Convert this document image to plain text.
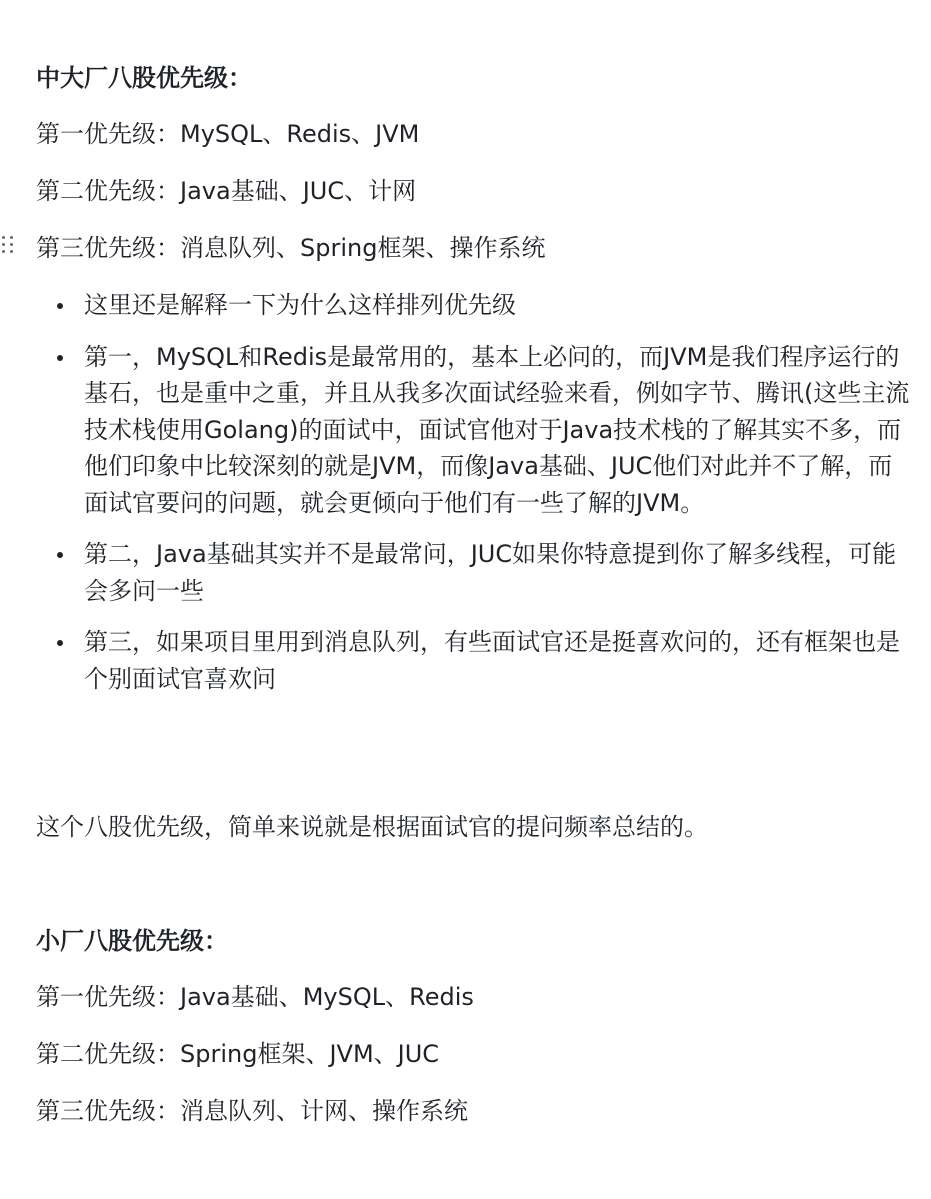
中大厂八股优先级：
第一优先级：MySQL、Redis、JVM
第二优先级：Java基础、JUC、计网
第三优先级：消息队列、Spring框架、操作系统
这里还是解释一下为什么这样排列优先级
第一，MySQL和Redis是最常用的，基本上必问的，而JVM是我们程序运行的基石，也是重中之重，并且从我多次面试经验来看，例如字节、腾讯(这些主流技术栈使用Golang)的面试中，面试官他对于Java技术栈的了解其实不多，而他们印象中比较深刻的就是JVM，而像Java基础、JUC他们对此并不了解，而面试官要问的问题，就会更倾向于他们有一些了解的JVM。
第二，Java基础其实并不是最常问，JUC如果你特意提到你了解多线程，可能会多问一些
第三，如果项目里用到消息队列，有些面试官还是挺喜欢问的，还有框架也是个别面试官喜欢问
这个八股优先级，简单来说就是根据面试官的提问频率总结的。
小厂八股优先级：
第一优先级：Java基础、MySQL、Redis
第二优先级：Spring框架、JVM、JUC
第三优先级：消息队列、计网、操作系统
